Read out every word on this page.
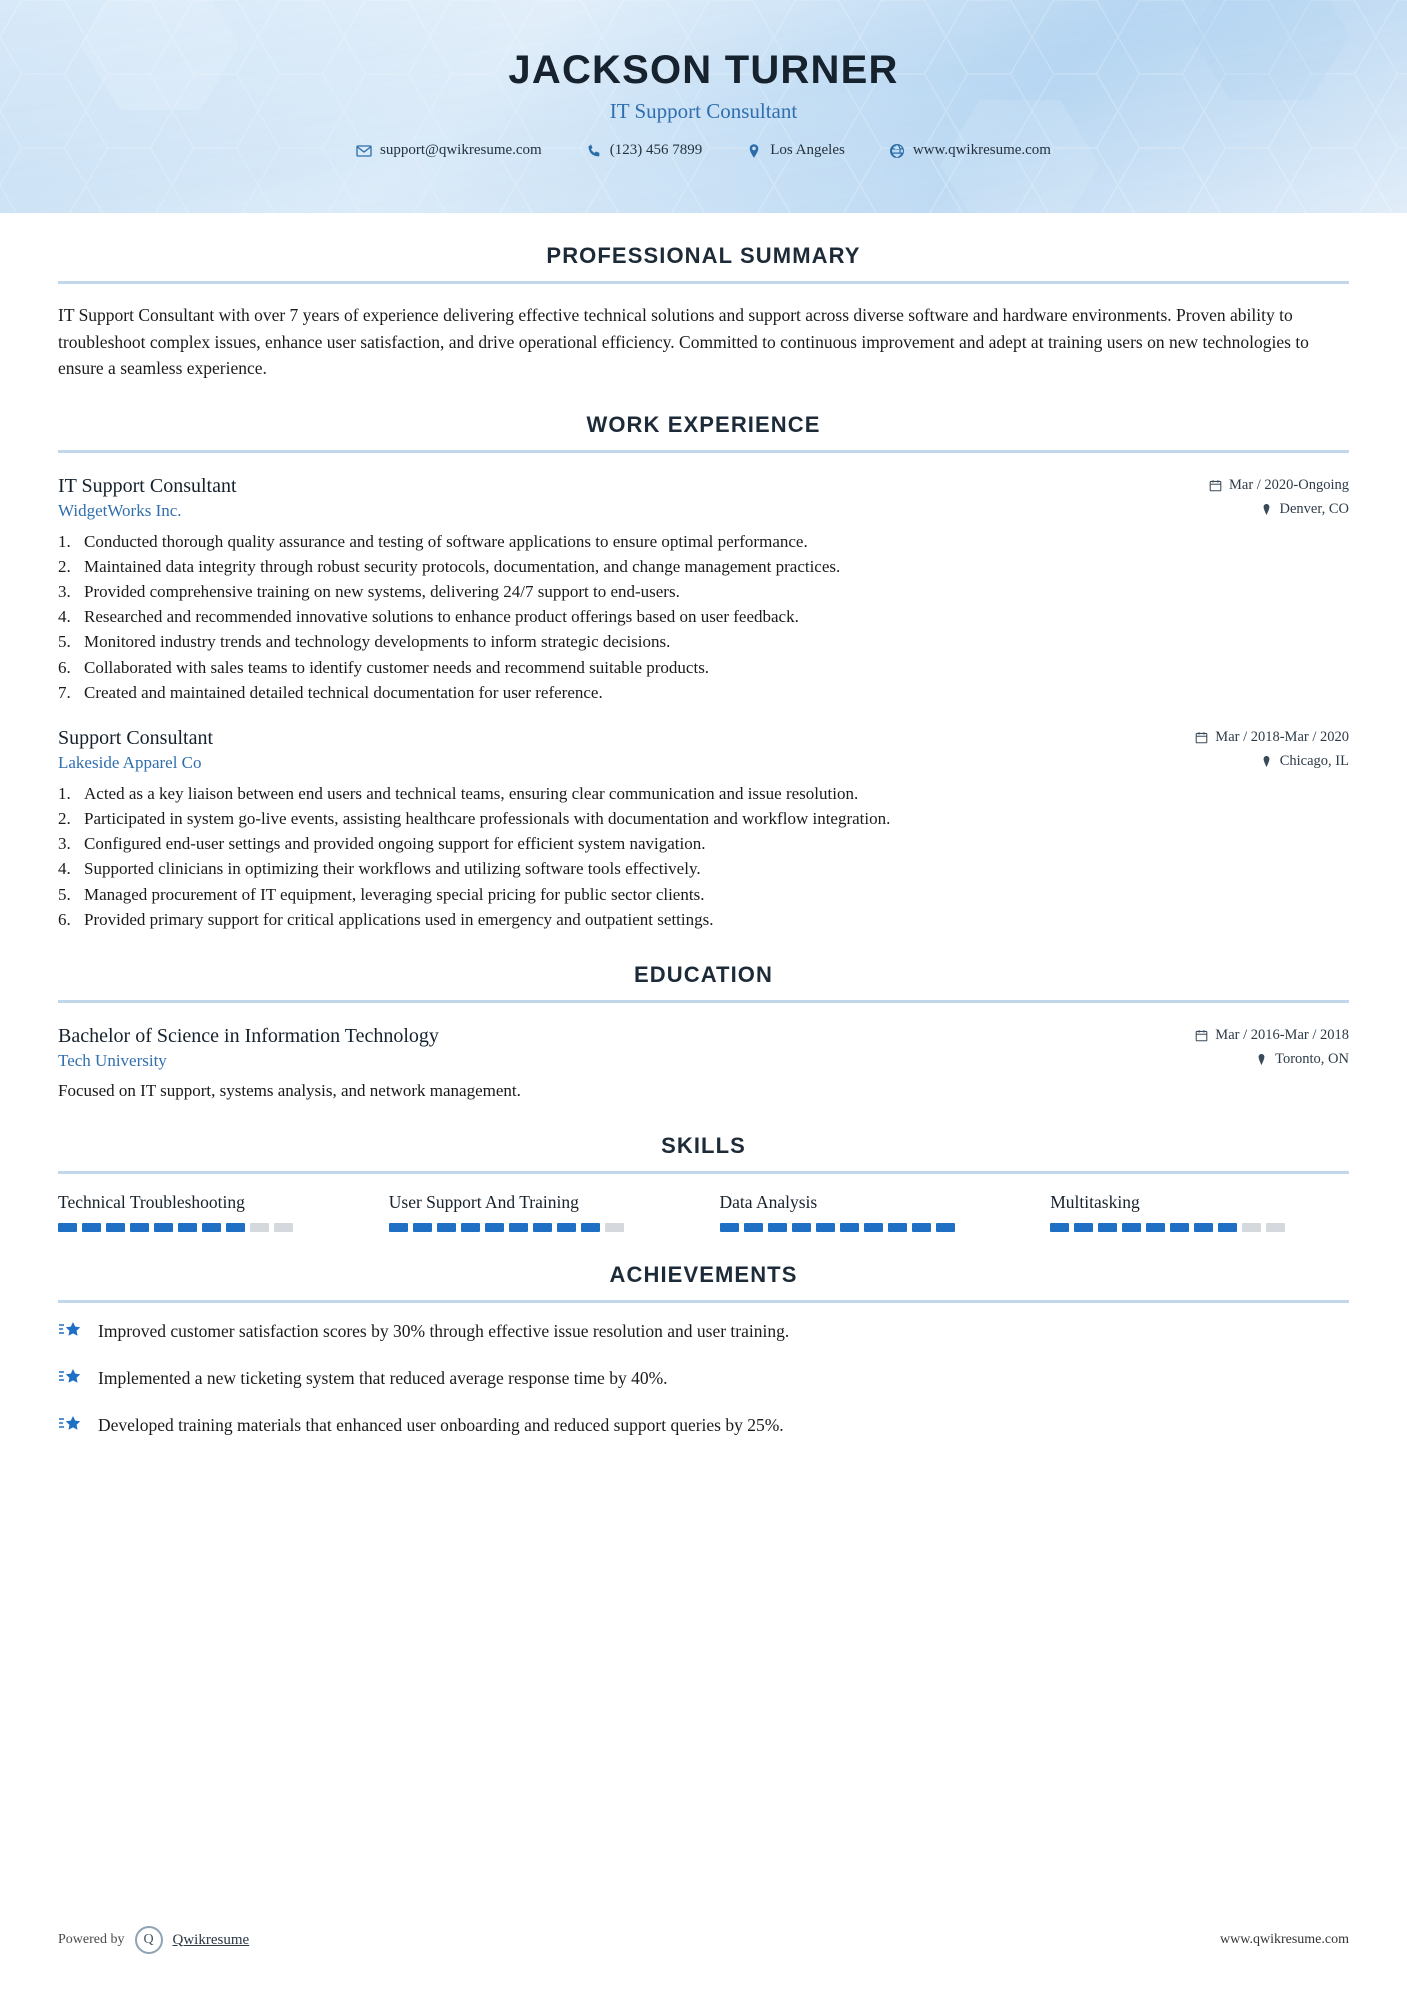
JACKSON TURNER
IT Support Consultant
support@qwikresume.com	(123) 456 7899	Los Angeles	www.qwikresume.com
PROFESSIONAL SUMMARY

IT Support Consultant with over 7 years of experience delivering effective technical solutions and support across diverse software and hardware environments. Proven ability to troubleshoot complex issues, enhance user satisfaction, and drive operational efficiency. Committed to continuous improvement and adept at training users on new technologies to ensure a seamless experience.

WORK EXPERIENCE
IT Support Consultant	Mar / 2020-Ongoing
WidgetWorks Inc.	Denver, CO
1. Conducted thorough quality assurance and testing of software applications to ensure optimal performance.
2. Maintained data integrity through robust security protocols, documentation, and change management practices.
3. Provided comprehensive training on new systems, delivering 24/7 support to end-users.
4. Researched and recommended innovative solutions to enhance product offerings based on user feedback.
5. Monitored industry trends and technology developments to inform strategic decisions.
6. Collaborated with sales teams to identify customer needs and recommend suitable products.
7. Created and maintained detailed technical documentation for user reference.
Support Consultant	Mar / 2018-Mar / 2020
Lakeside Apparel Co	Chicago, IL
1. Acted as a key liaison between end users and technical teams, ensuring clear communication and issue resolution.
2. Participated in system go-live events, assisting healthcare professionals with documentation and workflow integration.
3. Configured end-user settings and provided ongoing support for efficient system navigation.
4. Supported clinicians in optimizing their workflows and utilizing software tools effectively.
5. Managed procurement of IT equipment, leveraging special pricing for public sector clients.
6. Provided primary support for critical applications used in emergency and outpatient settings.
EDUCATION
Bachelor of Science in Information Technology	Mar / 2016-Mar / 2018
Tech University	Toronto, ON
Focused on IT support, systems analysis, and network management.
SKILLS
Technical Troubleshooting	User Support And Training	Data Analysis	Multitasking
ACHIEVEMENTS
Improved customer satisfaction scores by 30% through effective issue resolution and user training.
Implemented a new ticketing system that reduced average response time by 40%.
Developed training materials that enhanced user onboarding and reduced support queries by 25%.
Powered by	Q	Qwikresume	www.qwikresume.com
